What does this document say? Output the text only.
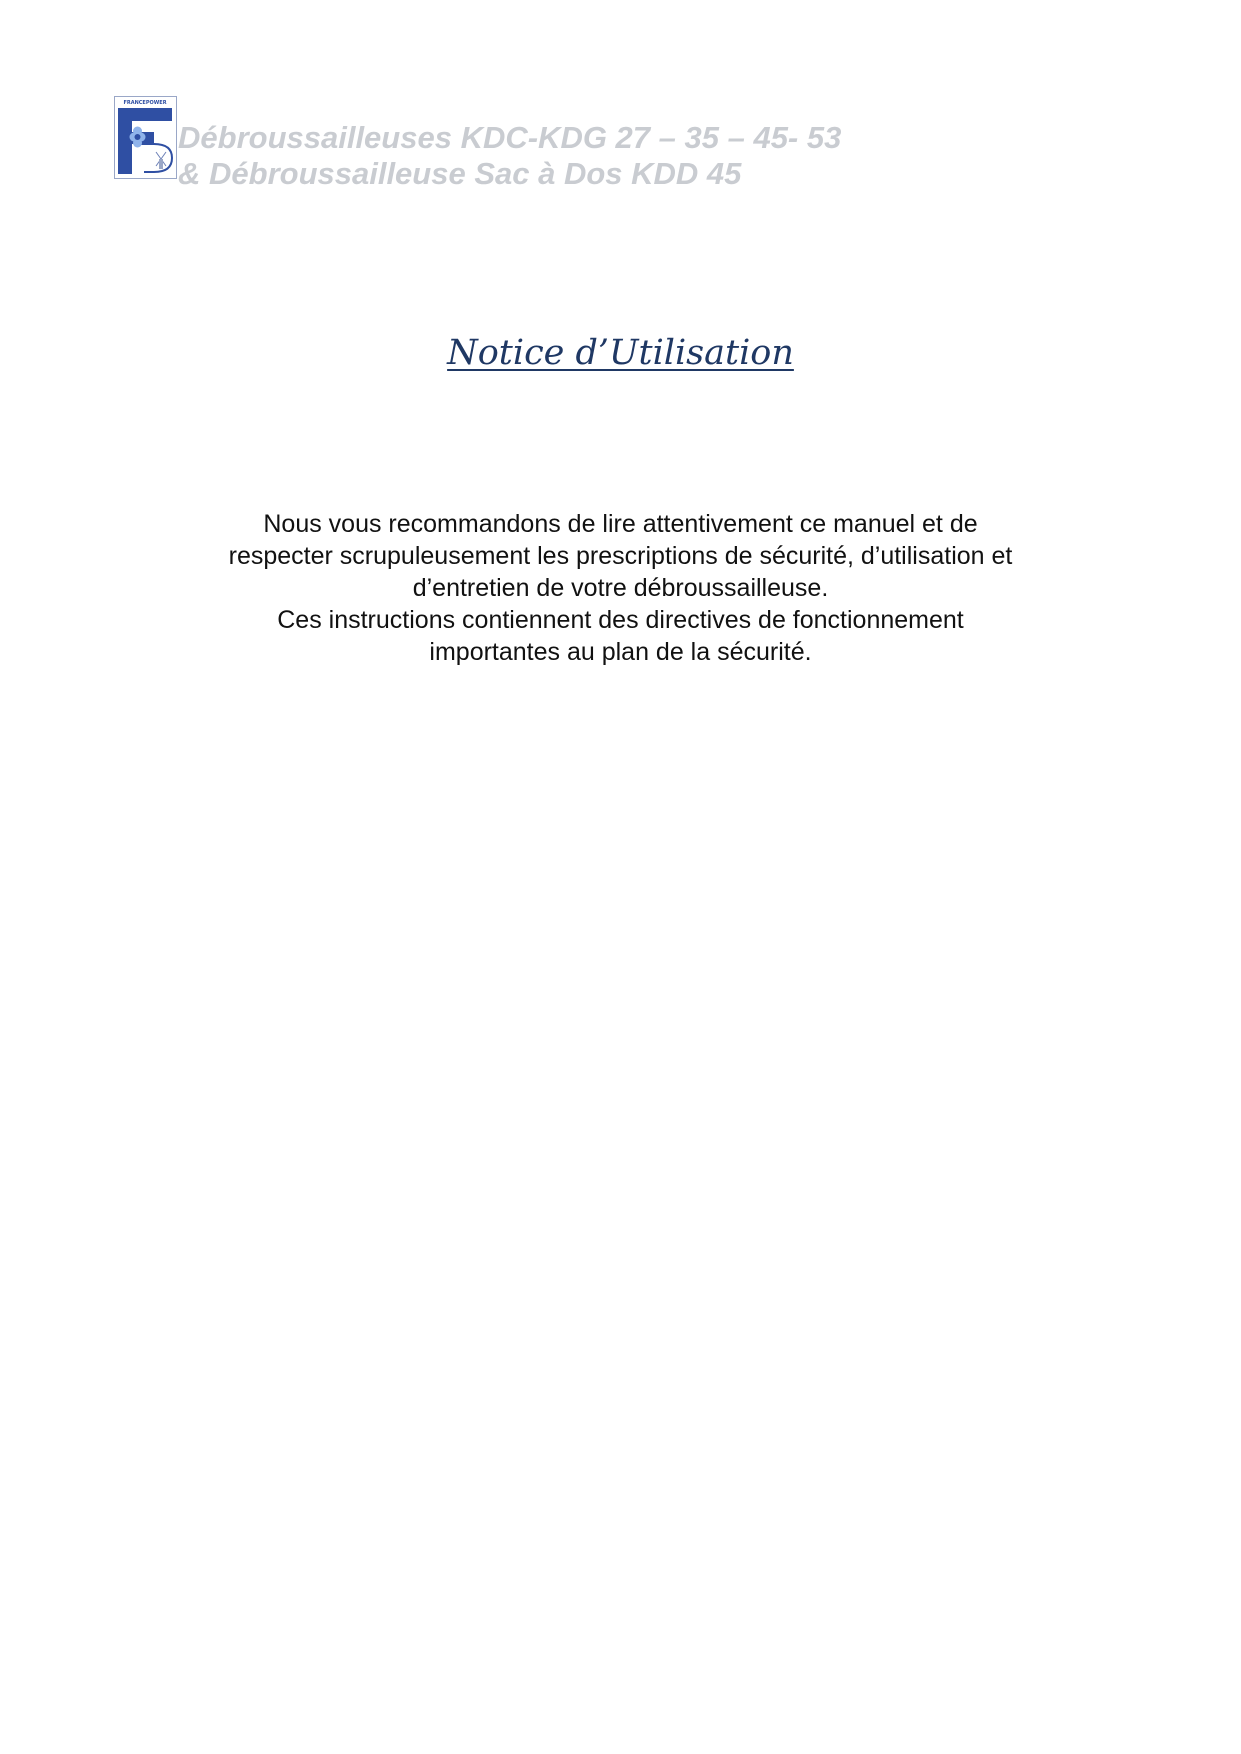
FRANCEPOWER
Débroussailleuses KDC-KDG 27 – 35 – 45- 53
& Débroussailleuse Sac à Dos KDD 45
Notice d’Utilisation
Nous vous recommandons de lire attentivement ce manuel et de
respecter scrupuleusement les prescriptions de sécurité, d’utilisation et
d’entretien de votre débroussailleuse.
Ces instructions contiennent des directives de fonctionnement
importantes au plan de la sécurité.
